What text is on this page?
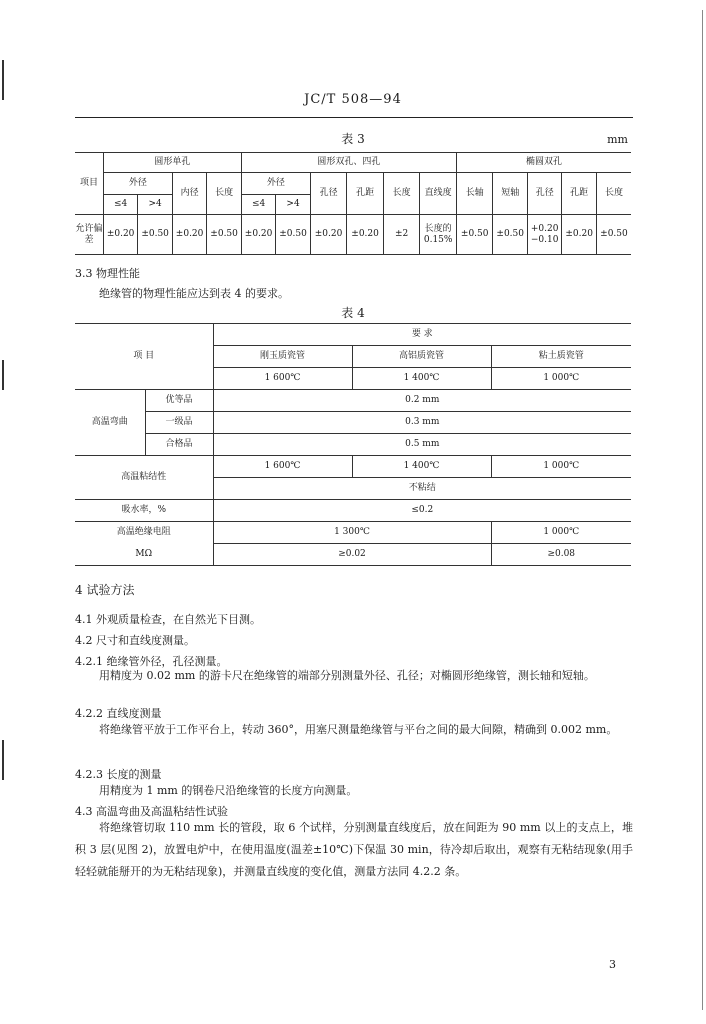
JC/T 508—94
表 3	mm
项目	圆形单孔				圆形双孔、四孔						椭圆双孔				
	外径		内径	长度	外径		孔径	孔距	长度	直线度	长轴	短轴	孔径	孔距	长度
	≤4	>4			≤4	>4									
允许偏差	±0.20	±0.50	±0.20	±0.50	±0.20	±0.50	±0.20	±0.20	±2	长度的0.15%	±0.50	±0.50	+0.20 −0.10	±0.20	±0.50
3.3 物理性能
绝缘管的物理性能应达到表 4 的要求。
表 4
项 目		要 求		
		刚玉质瓷管	高铝质瓷管	粘土质瓷管
		1 600℃	1 400℃	1 000℃
高温弯曲	优等品	0.2 mm		
	一级品	0.3 mm		
	合格品	0.5 mm		
高温粘结性		1 600℃	1 400℃	1 000℃
		不粘结		
吸水率，%		≤0.2		
高温绝缘电阻		1 300℃		1 000℃
MΩ		≥0.02		≥0.08
4 试验方法
4.1 外观质量检查，在自然光下目测。
4.2 尺寸和直线度测量。
4.2.1 绝缘管外径，孔径测量。
用精度为 0.02 mm 的游卡尺在绝缘管的端部分别测量外径、孔径；对椭圆形绝缘管，测长轴和短轴。
4.2.2 直线度测量
将绝缘管平放于工作平台上，转动 360°，用塞尺测量绝缘管与平台之间的最大间隙，精确到 0.002 mm。
4.2.3 长度的测量
用精度为 1 mm 的钢卷尺沿绝缘管的长度方向测量。
4.3 高温弯曲及高温粘结性试验
将绝缘管切取 110 mm 长的管段，取 6 个试样，分别测量直线度后，放在间距为 90 mm 以上的支点上，堆积 3 层(见图 2)，放置电炉中，在使用温度(温差±10℃)下保温 30 min，待冷却后取出，观察有无粘结现象(用手轻轻就能掰开的为无粘结现象)，并测量直线度的变化值，测量方法同 4.2.2 条。
3
